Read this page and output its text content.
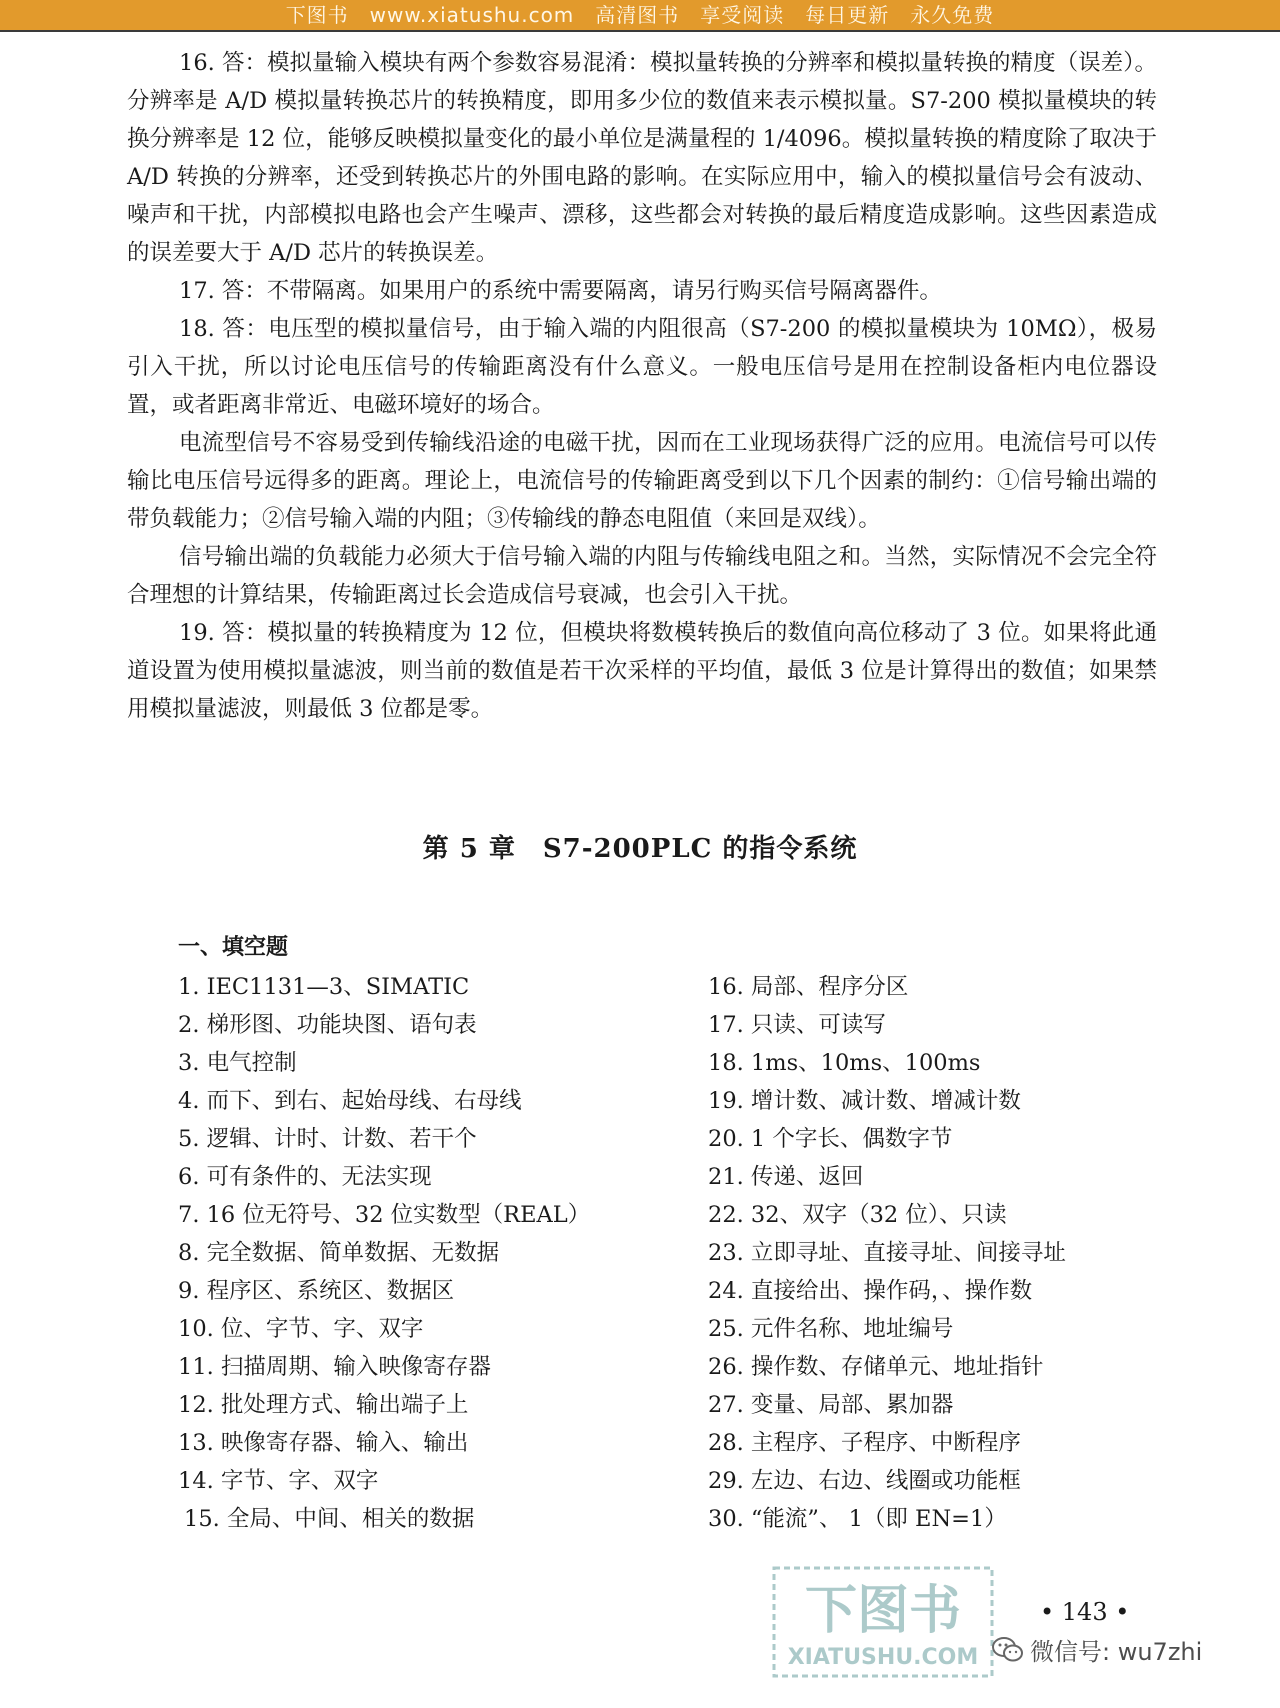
下图书　www.xiatushu.com　高清图书　享受阅读　每日更新　永久免费

16. 答：模拟量输入模块有两个参数容易混淆：模拟量转换的分辨率和模拟量转换的精度（误差）。分辨率是 A/D 模拟量转换芯片的转换精度，即用多少位的数值来表示模拟量。S7-200 模拟量模块的转换分辨率是 12 位，能够反映模拟量变化的最小单位是满量程的 1/4096。模拟量转换的精度除了取决于 A/D 转换的分辨率，还受到转换芯片的外围电路的影响。在实际应用中，输入的模拟量信号会有波动、噪声和干扰，内部模拟电路也会产生噪声、漂移，这些都会对转换的最后精度造成影响。这些因素造成的误差要大于 A/D 芯片的转换误差。

17. 答：不带隔离。如果用户的系统中需要隔离，请另行购买信号隔离器件。

18. 答：电压型的模拟量信号，由于输入端的内阻很高（S7-200 的模拟量模块为 10MΩ），极易引入干扰，所以讨论电压信号的传输距离没有什么意义。一般电压信号是用在控制设备柜内电位器设置，或者距离非常近、电磁环境好的场合。

电流型信号不容易受到传输线沿途的电磁干扰，因而在工业现场获得广泛的应用。电流信号可以传输比电压信号远得多的距离。理论上，电流信号的传输距离受到以下几个因素的制约：①信号输出端的带负载能力；②信号输入端的内阻；③传输线的静态电阻值（来回是双线）。

信号输出端的负载能力必须大于信号输入端的内阻与传输线电阻之和。当然，实际情况不会完全符合理想的计算结果，传输距离过长会造成信号衰减，也会引入干扰。

19. 答：模拟量的转换精度为 12 位，但模块将数模转换后的数值向高位移动了 3 位。如果将此通道设置为使用模拟量滤波，则当前的数值是若干次采样的平均值，最低 3 位是计算得出的数值；如果禁用模拟量滤波，则最低 3 位都是零。

第 5 章　S7-200PLC 的指令系统
一、填空题
1. IEC1131—3、SIMATIC
2. 梯形图、功能块图、语句表
3. 电气控制
4. 而下、到右、起始母线、右母线
5. 逻辑、计时、计数、若干个
6. 可有条件的、无法实现
7. 16 位无符号、32 位实数型（REAL）
8. 完全数据、简单数据、无数据
9. 程序区、系统区、数据区
10. 位、字节、字、双字
11. 扫描周期、输入映像寄存器
12. 批处理方式、输出端子上
13. 映像寄存器、输入、输出
14. 字节、字、双字
15. 全局、中间、相关的数据
16. 局部、程序分区
17. 只读、可读写
18. 1ms、10ms、100ms
19. 增计数、减计数、增减计数
20. 1 个字长、偶数字节
21. 传递、返回
22. 32、双字（32 位）、只读
23. 立即寻址、直接寻址、间接寻址
24. 直接给出、操作码，、操作数
25. 元件名称、地址编号
26. 操作数、存储单元、地址指针
27. 变量、局部、累加器
28. 主程序、子程序、中断程序
29. 左边、右边、线圈或功能框
30. “能流”、 1（即 EN=1）
下图书
XIATUSHU.COM
• 143 •
微信号: wu7zhi
